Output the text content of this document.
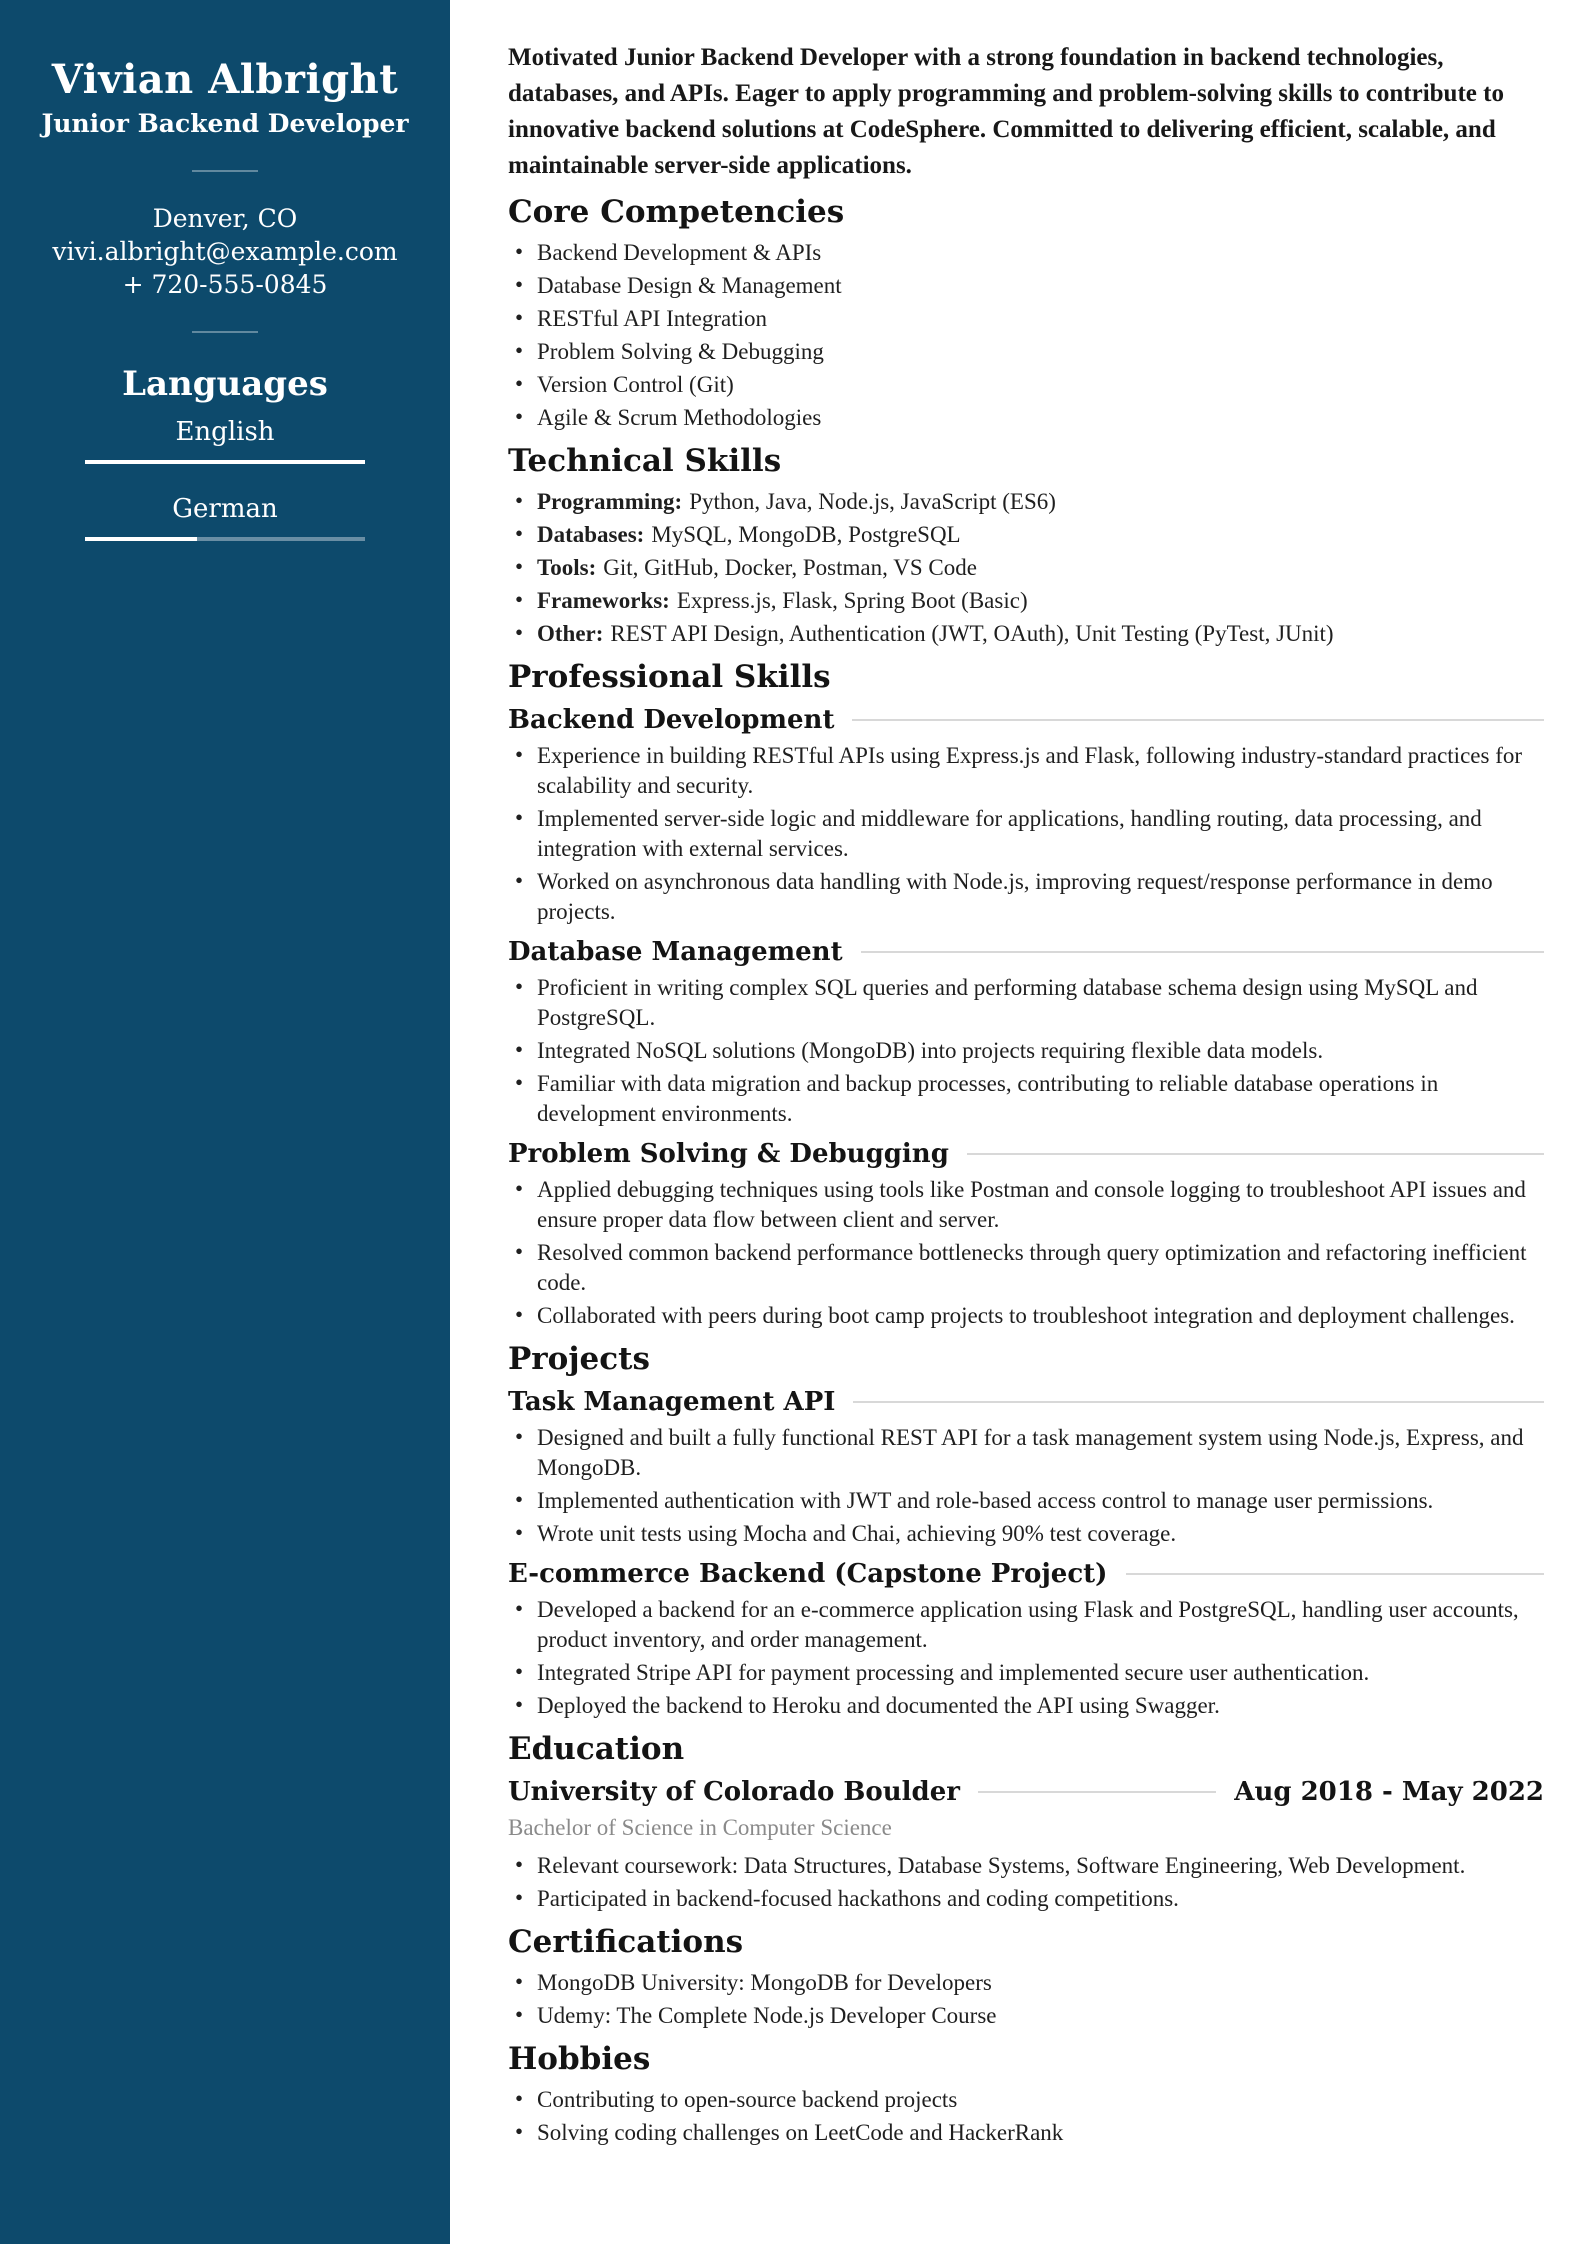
Vivian Albright
Junior Backend Developer
Denver, CO
vivi.albright@example.com
+ 720-555-0845
Languages
English
German

Motivated Junior Backend Developer with a strong foundation in backend technologies, databases, and APIs. Eager to apply programming and problem-solving skills to contribute to innovative backend solutions at CodeSphere. Committed to delivering efficient, scalable, and maintainable server-side applications.

Core Competencies
• Backend Development & APIs
• Database Design & Management
• RESTful API Integration
• Problem Solving & Debugging
• Version Control (Git)
• Agile & Scrum Methodologies
Technical Skills
• Programming: Python, Java, Node.js, JavaScript (ES6)
• Databases: MySQL, MongoDB, PostgreSQL
• Tools: Git, GitHub, Docker, Postman, VS Code
• Frameworks: Express.js, Flask, Spring Boot (Basic)
• Other: REST API Design, Authentication (JWT, OAuth), Unit Testing (PyTest, JUnit)
Professional Skills
Backend Development
• Experience in building RESTful APIs using Express.js and Flask, following industry-standard practices for scalability and security.
• Implemented server-side logic and middleware for applications, handling routing, data processing, and integration with external services.
• Worked on asynchronous data handling with Node.js, improving request/response performance in demo projects.
Database Management
• Proficient in writing complex SQL queries and performing database schema design using MySQL and PostgreSQL.
• Integrated NoSQL solutions (MongoDB) into projects requiring flexible data models.
• Familiar with data migration and backup processes, contributing to reliable database operations in development environments.
Problem Solving & Debugging
• Applied debugging techniques using tools like Postman and console logging to troubleshoot API issues and ensure proper data flow between client and server.
• Resolved common backend performance bottlenecks through query optimization and refactoring inefficient code.
• Collaborated with peers during boot camp projects to troubleshoot integration and deployment challenges.
Projects
Task Management API
• Designed and built a fully functional REST API for a task management system using Node.js, Express, and MongoDB.
• Implemented authentication with JWT and role-based access control to manage user permissions.
• Wrote unit tests using Mocha and Chai, achieving 90% test coverage.
E-commerce Backend (Capstone Project)
• Developed a backend for an e-commerce application using Flask and PostgreSQL, handling user accounts, product inventory, and order management.
• Integrated Stripe API for payment processing and implemented secure user authentication.
• Deployed the backend to Heroku and documented the API using Swagger.
Education
University of Colorado Boulder	Aug 2018 - May 2022
Bachelor of Science in Computer Science
• Relevant coursework: Data Structures, Database Systems, Software Engineering, Web Development.
• Participated in backend-focused hackathons and coding competitions.
Certifications
• MongoDB University: MongoDB for Developers
• Udemy: The Complete Node.js Developer Course
Hobbies
• Contributing to open-source backend projects
• Solving coding challenges on LeetCode and HackerRank
